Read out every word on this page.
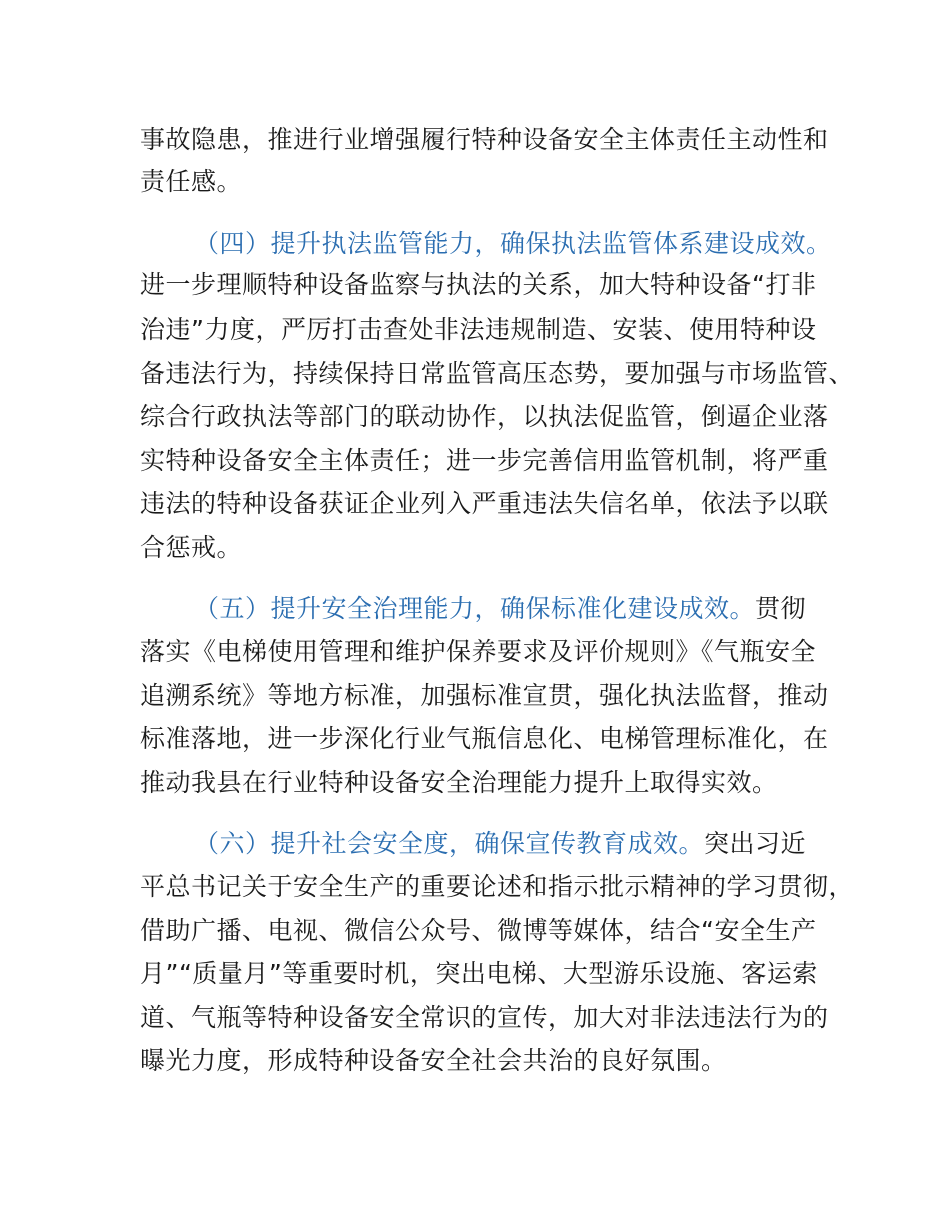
事故隐患，推进行业增强履行特种设备安全主体责任主动性和
责任感。
（四）提升执法监管能力，确保执法监管体系建设成效。
进一步理顺特种设备监察与执法的关系，加大特种设备“打非
治违”力度，严厉打击查处非法违规制造、安装、使用特种设
备违法行为，持续保持日常监管高压态势，要加强与市场监管、
综合行政执法等部门的联动协作，以执法促监管，倒逼企业落
实特种设备安全主体责任；进一步完善信用监管机制，将严重
违法的特种设备获证企业列入严重违法失信名单，依法予以联
合惩戒。
（五）提升安全治理能力，确保标准化建设成效。贯彻
落实《电梯使用管理和维护保养要求及评价规则》《气瓶安全
追溯系统》等地方标准，加强标准宣贯，强化执法监督，推动
标准落地，进一步深化行业气瓶信息化、电梯管理标准化，在
推动我县在行业特种设备安全治理能力提升上取得实效。
（六）提升社会安全度，确保宣传教育成效。突出习近
平总书记关于安全生产的重要论述和指示批示精神的学习贯彻，
借助广播、电视、微信公众号、微博等媒体，结合“安全生产
月”“质量月”等重要时机，突出电梯、大型游乐设施、客运索
道、气瓶等特种设备安全常识的宣传，加大对非法违法行为的
曝光力度，形成特种设备安全社会共治的良好氛围。
